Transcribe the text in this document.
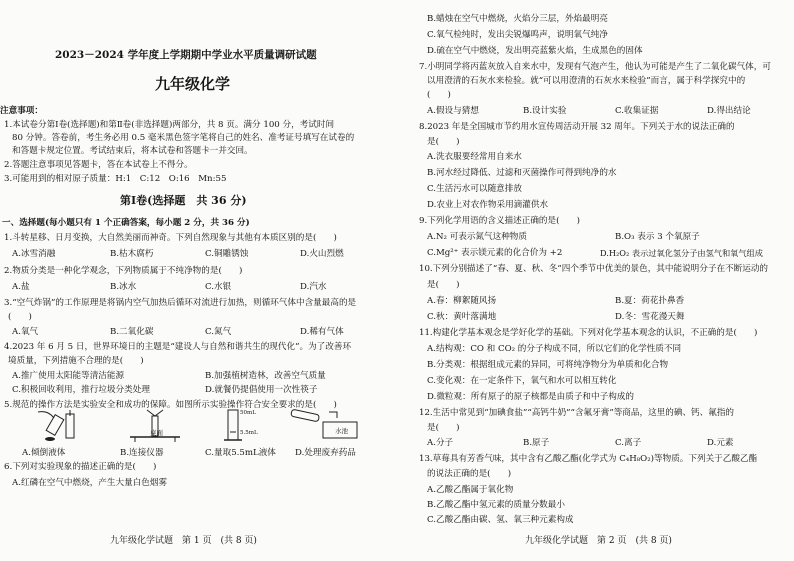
2023－2024 学年度上学期期中学业水平质量调研试题
九年级化学
注意事项：
1.本试卷分第Ⅰ卷(选择题)和第Ⅱ卷(非选择题)两部分，共 8 页。满分 100 分，考试时间
80 分钟。答卷前，考生务必用 0.5 毫米黑色签字笔将自己的姓名、准考证号填写在试卷的
和答题卡规定位置。考试结束后，将本试卷和答题卡一并交回。
2.答题注意事项见答题卡，答在本试卷上不得分。
3.可能用到的相对原子质量：H:1　C:12　O:16　Mn:55
第Ⅰ卷(选择题　共 36 分)
一、选择题(每小题只有 1 个正确答案，每小题 2 分，共 36 分)
1.斗转星移、日月变换，大自然美丽而神奇。下列自然现象与其他有本质区别的是(　　)
A.冰雪消融	B.枯木腐朽	C.铜雕锈蚀	D.火山烈燃
2.物质分类是一种化学观念，下列物质属于不纯净物的是(　　)
A.盐　	B.冰水	C.水银	D.汽水
3.“空气炸锅”的工作原理是将锅内空气加热后循环对流进行加热，则循环气体中含量最高的是
(　　)
A.氧气	B.二氧化碳	C.氮气	D.稀有气体
4.2023 年 6 月 5 日，世界环境日的主题是“建设人与自然和谐共生的现代化”。为了改善环
境质量，下列措施不合理的是(　　)
A.推广使用太阳能等清洁能源	B.加强植树造林，改善空气质量
C.积极回收利用，推行垃圾分类处理	D.就餐仍提倡使用一次性筷子
5.规范的操作方法是实验安全和成功的保障。如图所示实验操作符合安全要求的是(　　)
A.倾倒液体
桌面
B.连接仪器
50mL
5.5mL
C.量取5.5mL液体
水池
D.处理废弃药品
6.下列对实验现象的描述正确的是(　　)
A.红磷在空气中燃烧，产生大量白色烟雾
九年级化学试题　第 1 页　(共 8 页)
B.蜡烛在空气中燃烧，火焰分三层，外焰最明亮
C.氧气检纯时，发出尖锐爆鸣声，说明氧气纯净
D.硫在空气中燃烧，发出明亮蓝紫火焰，生成黑色的固体
7.小明同学将丙蓝灰放入自来水中，发现有气泡产生，他认为可能是产生了二氧化碳气体，可
以用澄清的石灰水来检验。就“可以用澄清的石灰水来检验”而言，属于科学探究中的
(　　)
A.假设与猜想	B.设计实验	C.收集证据	D.得出结论
8.2023 年是全国城市节约用水宣传周活动开展 32 周年。下列关于水的说法正确的
是(　　)
A.洗衣服要经常用自来水
B.河水经过降低、过滤和灭菌操作可得到纯净的水
C.生活污水可以随意排放
D.农业上对农作物采用滴灌供水
9.下列化学用语的含义描述正确的是(　　)
A.N₂ 可表示氮气这种物质	B.O₃ 表示 3 个氧原子
C.Mg²⁺ 表示镁元素的化合价为 +2	D.H₂O₂ 表示过氧化氢分子由氢气和氧气组成
10.下列分别描述了“春、夏、秋、冬”四个季节中优美的景色，其中能说明分子在不断运动的
是(　　)
A.春：柳絮随风扬	B.夏：荷花扑鼻香
C.秋：黄叶落满地	D.冬：雪花漫天舞
11.构建化学基本观念是学好化学的基础。下列对化学基本观念的认识，不正确的是(　　)
A.结构观：CO 和 CO₂ 的分子构成不同，所以它们的化学性质不同
B.分类观：根据组成元素的异同，可将纯净物分为单质和化合物
C.变化观：在一定条件下，氧气和水可以相互转化
D.微粒观：所有原子的原子核都是由质子和中子构成的
12.生活中常见到“加碘食盐”“高钙牛奶”“含氟牙膏”等商品，这里的碘、钙、氟指的
是(　　)
A.分子	B.原子	C.离子	D.元素
13.草莓具有芳香气味，其中含有乙酸乙酯(化学式为 C₄H₈O₂)等物质。下列关于乙酸乙酯
的说法正确的是(　　)
A.乙酸乙酯属于氧化物
B.乙酸乙酯中氢元素的质量分数最小
C.乙酸乙酯由碳、氢、氧三种元素构成
九年级化学试题　第 2 页　(共 8 页)
